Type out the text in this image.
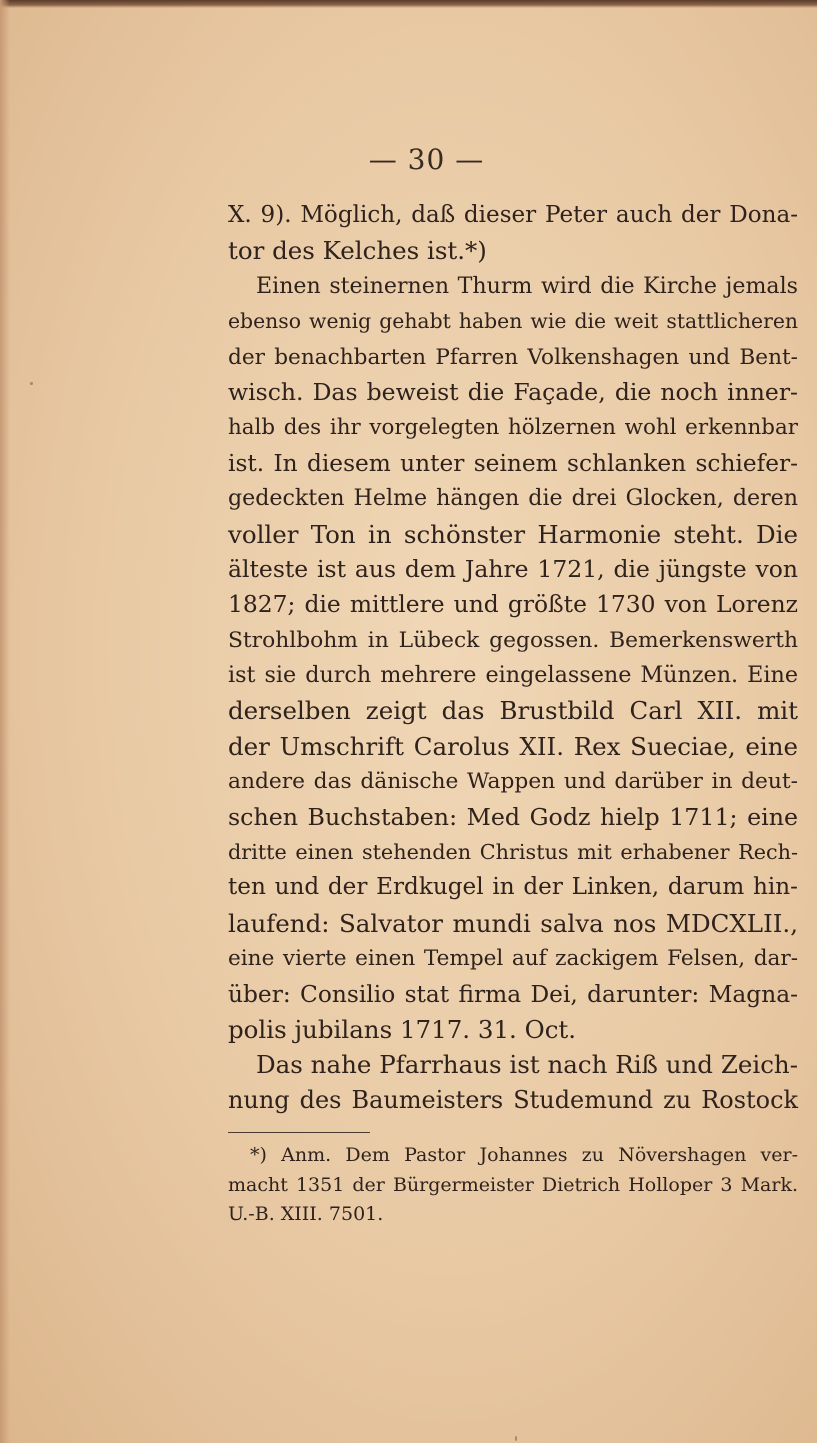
— 30 —
X. 9). Möglich, daß dieser Peter auch der Dona-
tor des Kelches ist.*)
Einen steinernen Thurm wird die Kirche jemals
ebenso wenig gehabt haben wie die weit stattlicheren
der benachbarten Pfarren Volkenshagen und Bent-
wisch. Das beweist die Façade, die noch inner-
halb des ihr vorgelegten hölzernen wohl erkennbar
ist. In diesem unter seinem schlanken schiefer-
gedeckten Helme hängen die drei Glocken, deren
voller Ton in schönster Harmonie steht. Die
älteste ist aus dem Jahre 1721, die jüngste von
1827; die mittlere und größte 1730 von Lorenz
Strohlbohm in Lübeck gegossen. Bemerkenswerth
ist sie durch mehrere eingelassene Münzen. Eine
derselben zeigt das Brustbild Carl XII. mit
der Umschrift Carolus XII. Rex Sueciae, eine
andere das dänische Wappen und darüber in deut-
schen Buchstaben: Med Godz hielp 1711; eine
dritte einen stehenden Christus mit erhabener Rech-
ten und der Erdkugel in der Linken, darum hin-
laufend: Salvator mundi salva nos MDCXLII.,
eine vierte einen Tempel auf zackigem Felsen, dar-
über: Consilio stat firma Dei, darunter: Magna-
polis jubilans 1717. 31. Oct.
Das nahe Pfarrhaus ist nach Riß und Zeich-
nung des Baumeisters Studemund zu Rostock
*) Anm. Dem Pastor Johannes zu Növershagen ver-
macht 1351 der Bürgermeister Dietrich Holloper 3 Mark.
U.-B. XIII. 7501.
